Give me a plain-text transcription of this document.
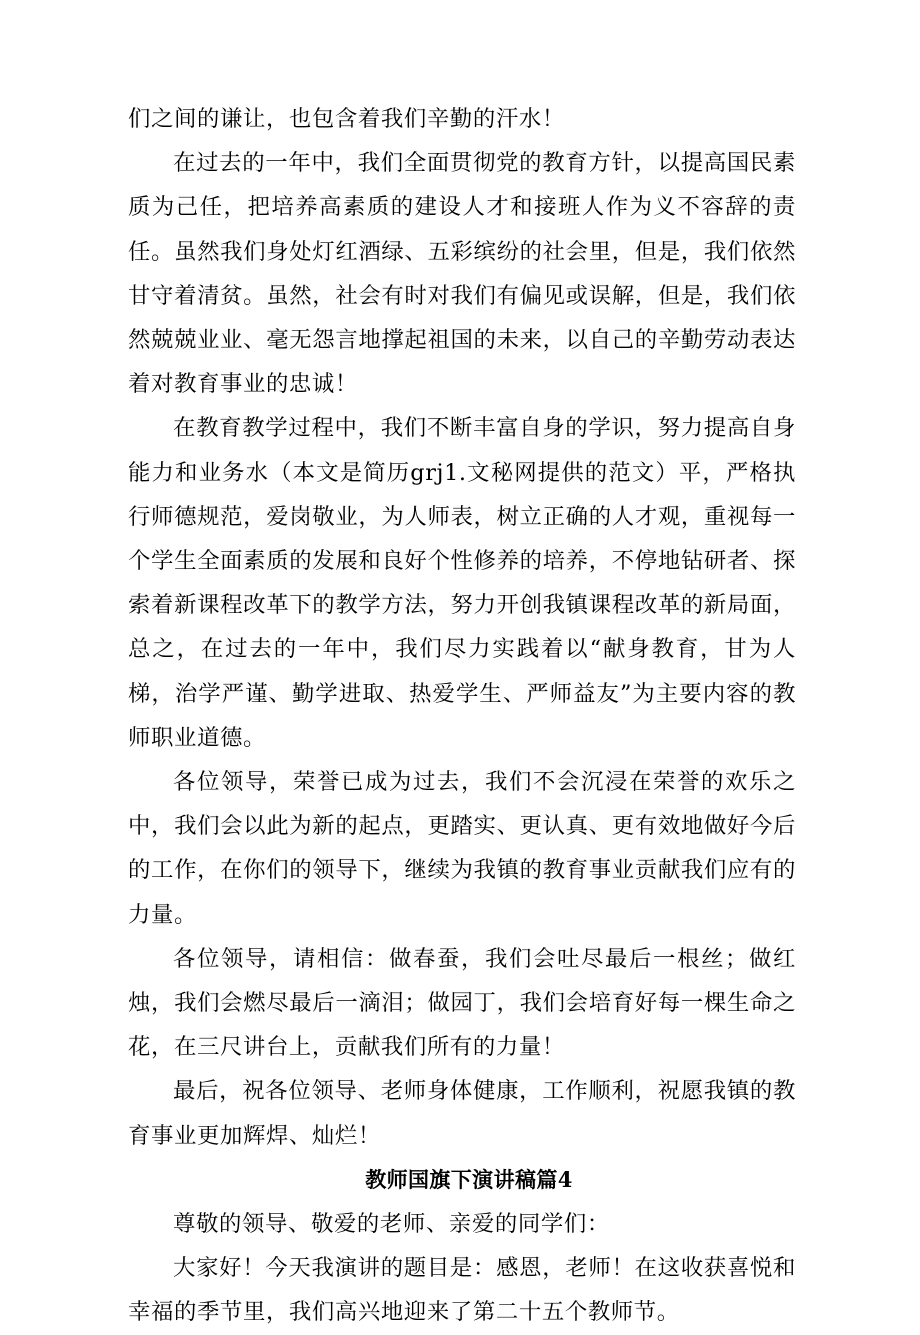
们之间的谦让，也包含着我们辛勤的汗水！

在过去的一年中，我们全面贯彻党的教育方针，以提高国民素质为己任，把培养高素质的建设人才和接班人作为义不容辞的责任。虽然我们身处灯红酒绿、五彩缤纷的社会里，但是，我们依然甘守着清贫。虽然，社会有时对我们有偏见或误解，但是，我们依然兢兢业业、毫无怨言地撑起祖国的未来，以自己的辛勤劳动表达着对教育事业的忠诚！

在教育教学过程中，我们不断丰富自身的学识，努力提高自身能力和业务水（本文是简历grj1.文秘网提供的范文）平，严格执行师德规范，爱岗敬业，为人师表，树立正确的人才观，重视每一个学生全面素质的发展和良好个性修养的培养，不停地钻研者、探索着新课程改革下的教学方法，努力开创我镇课程改革的新局面，总之，在过去的一年中，我们尽力实践着以“献身教育，甘为人梯，治学严谨、勤学进取、热爱学生、严师益友”为主要内容的教师职业道德。

各位领导，荣誉已成为过去，我们不会沉浸在荣誉的欢乐之中，我们会以此为新的起点，更踏实、更认真、更有效地做好今后的工作，在你们的领导下，继续为我镇的教育事业贡献我们应有的力量。

各位领导，请相信：做春蚕，我们会吐尽最后一根丝；做红烛，我们会燃尽最后一滴泪；做园丁，我们会培育好每一棵生命之花，在三尺讲台上，贡献我们所有的力量！

最后，祝各位领导、老师身体健康，工作顺利，祝愿我镇的教育事业更加辉焊、灿烂！

教师国旗下演讲稿篇4

尊敬的领导、敬爱的老师、亲爱的同学们：

大家好！今天我演讲的题目是：感恩，老师！在这收获喜悦和幸福的季节里，我们高兴地迎来了第二十五个教师节。
